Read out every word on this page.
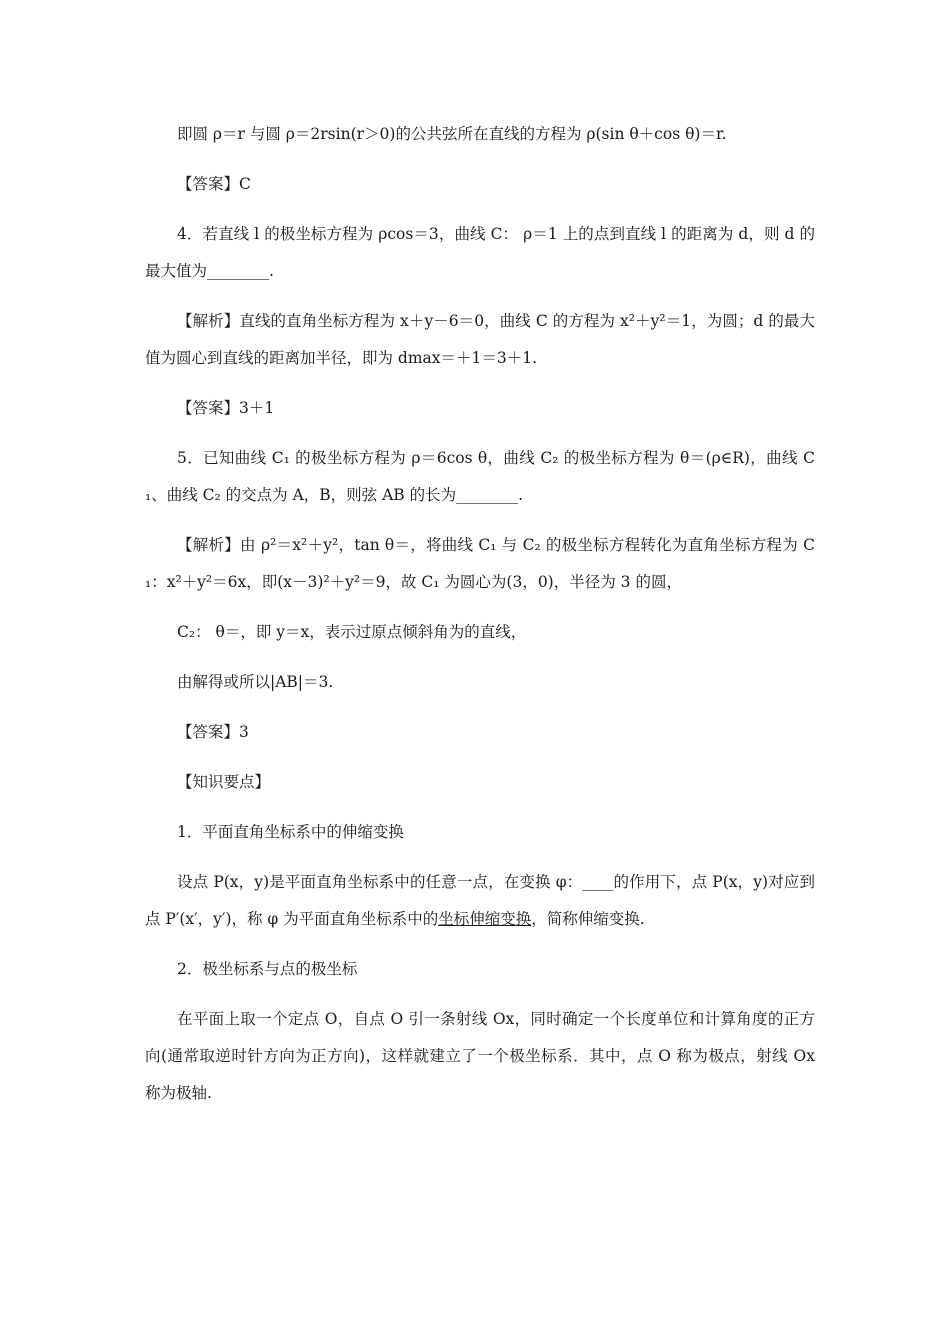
即圆 ρ＝r 与圆 ρ＝2rsin(r＞0)的公共弦所在直线的方程为 ρ(sin θ＋cos θ)＝r.

【答案】C

4．若直线 l 的极坐标方程为 ρcos＝3，曲线 C： ρ＝1 上的点到直线 l 的距离为 d，则 d 的最大值为________.

【解析】直线的直角坐标方程为 x＋y－6＝0，曲线 C 的方程为 x²＋y²＝1，为圆；d 的最大值为圆心到直线的距离加半径，即为 dmax＝＋1＝3＋1.

【答案】3＋1

5．已知曲线 C₁ 的极坐标方程为 ρ＝6cos θ，曲线 C₂ 的极坐标方程为 θ＝(ρ∈R)，曲线 C₁、曲线 C₂ 的交点为 A，B，则弦 AB 的长为________.

【解析】由 ρ²＝x²＋y²，tan θ＝，将曲线 C₁ 与 C₂ 的极坐标方程转化为直角坐标方程为 C₁：x²＋y²＝6x，即(x－3)²＋y²＝9，故 C₁ 为圆心为(3，0)，半径为 3 的圆，

C₂： θ＝，即 y＝x，表示过原点倾斜角为的直线，

由解得或所以|AB|＝3.

【答案】3

【知识要点】

1．平面直角坐标系中的伸缩变换

设点 P(x，y)是平面直角坐标系中的任意一点，在变换 φ：____的作用下，点 P(x，y)对应到点 P′(x′，y′)，称 φ 为平面直角坐标系中的坐标伸缩变换，简称伸缩变换.

2．极坐标系与点的极坐标

在平面上取一个定点 O，自点 O 引一条射线 Ox，同时确定一个长度单位和计算角度的正方向(通常取逆时针方向为正方向)，这样就建立了一个极坐标系．其中，点 O 称为极点，射线 Ox 称为极轴.
